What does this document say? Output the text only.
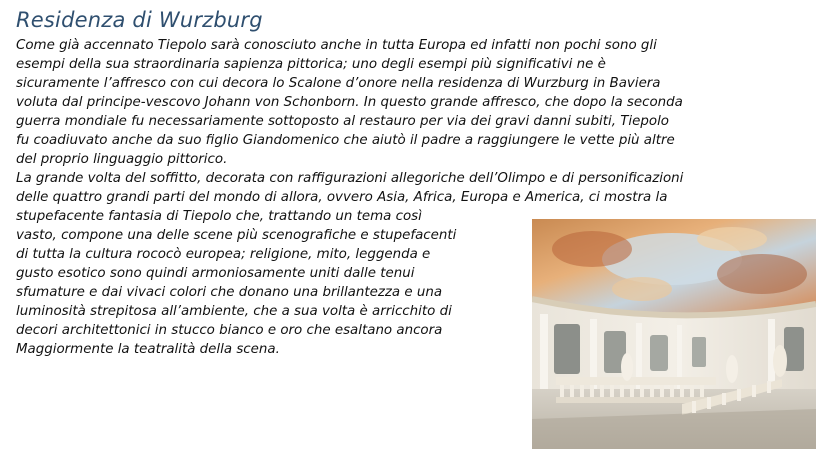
Residenza di Wurzburg
Come già accennato Tiepolo sarà conosciuto anche in tutta Europa ed infatti non pochi sono gli
esempi della sua straordinaria sapienza pittorica; uno degli esempi più significativi ne è
sicuramente l’affresco con cui decora lo Scalone d’onore nella residenza di Wurzburg in Baviera
voluta dal principe-vescovo Johann von Schonborn. In questo grande affresco, che dopo la seconda
guerra mondiale fu necessariamente sottoposto al restauro per via dei gravi danni subiti, Tiepolo
fu coadiuvato anche da suo figlio Giandomenico che aiutò il padre a raggiungere le vette più altre
del proprio linguaggio pittorico.
La grande volta del soffitto, decorata con raffigurazioni allegoriche dell’Olimpo e di personificazioni
delle quattro grandi parti del mondo di allora, ovvero Asia, Africa, Europa e America, ci mostra la
stupefacente fantasia di Tiepolo che, trattando un tema così
vasto, compone una delle scene più scenografiche e stupefacenti
di tutta la cultura rococò europea; religione, mito, leggenda e
gusto esotico sono quindi armoniosamente uniti dalle tenui
sfumature e dai vivaci colori che donano una brillantezza e una
luminosità strepitosa all’ambiente, che a sua volta è arricchito di
decori architettonici in stucco bianco e oro che esaltano ancora
Maggiormente la teatralità della scena.
